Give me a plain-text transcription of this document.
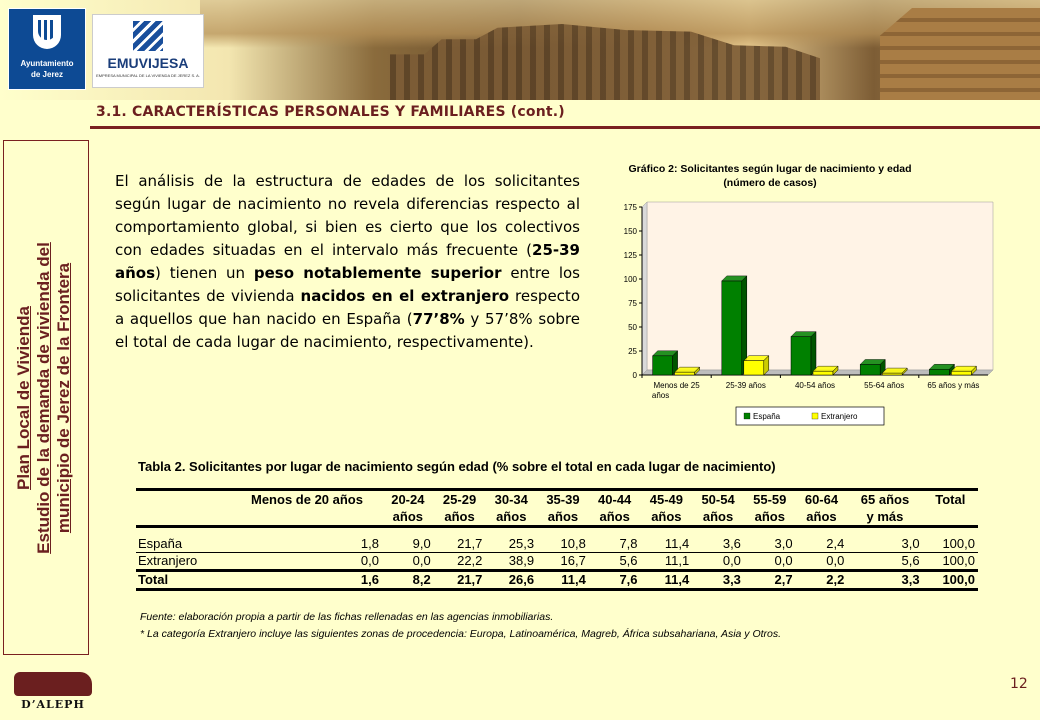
Ayuntamiento
de Jerez
EMUVIJESA
EMPRESA MUNICIPAL DE LA VIVIENDA DE JEREZ S. A.
3.1. CARACTERÍSTICAS PERSONALES Y FAMILIARES (cont.)
Plan Local de Vivienda Estudio de la demanda de vivienda del municipio de Jerez de la Frontera
El análisis de la estructura de edades de los solicitantes según lugar de nacimiento no revela diferencias respecto al comportamiento global, si bien es cierto que los colectivos con edades situadas en el intervalo más frecuente (25-39 años) tienen un peso notablemente superior entre los solicitantes de vivienda nacidos en el extranjero respecto a aquellos que han nacido en España (77’8% y 57’8% sobre el total de cada lugar de nacimiento, respectivamente).
Gráfico 2: Solicitantes según lugar de nacimiento y edad
(número de casos)
0
25
50
75
100
125
150
175
Menos de 25
años
25-39 años	40-54 años	55-64 años	65 años y más
España	Extranjero
Tabla 2. Solicitantes por lugar de nacimiento según edad (% sobre el total en cada lugar de nacimiento)
	Menos de 20 años	20-24	25-29	30-34	35-39	40-44	45-49	50-54	55-59	60-64	65 años	Total
		años	años	años	años	años	años	años	años	años	y más	
España	1,8	9,0	21,7	25,3	10,8	7,8	11,4	3,6	3,0	2,4	3,0	100,0
Extranjero	0,0	0,0	22,2	38,9	16,7	5,6	11,1	0,0	0,0	0,0	5,6	100,0
Total	1,6	8,2	21,7	26,6	11,4	7,6	11,4	3,3	2,7	2,2	3,3	100,0
Fuente: elaboración propia a partir de las fichas rellenadas en las agencias inmobiliarias.
* La categoría Extranjero incluye las siguientes zonas de procedencia: Europa, Latinoamérica, Magreb, África subsahariana, Asia y Otros.
D’ALEPH
12
